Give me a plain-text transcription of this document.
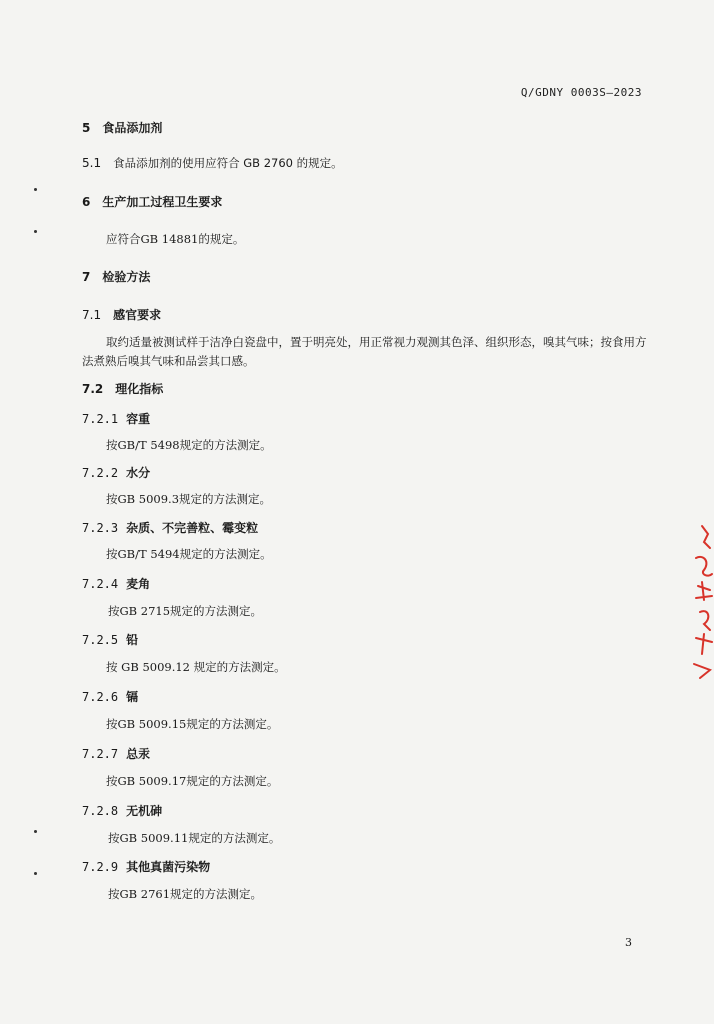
Q/GDNY 0003S—2023
5 食品添加剂
5.1 食品添加剂的使用应符合 GB 2760 的规定。
6 生产加工过程卫生要求
应符合GB 14881的规定。
7 检验方法
7.1 感官要求
取约适量被测试样于洁净白瓷盘中，置于明亮处，用正常视力观测其色泽、组织形态，嗅其气味；按食用方法煮熟后嗅其气味和品尝其口感。
7.2 理化指标
7.2.1 容重
按GB/T 5498规定的方法测定。
7.2.2 水分
按GB 5009.3规定的方法测定。
7.2.3 杂质、不完善粒、霉变粒
按GB/T 5494规定的方法测定。
7.2.4 麦角
按GB 2715规定的方法测定。
7.2.5 铅
按 GB 5009.12 规定的方法测定。
7.2.6 镉
按GB 5009.15规定的方法测定。
7.2.7 总汞
按GB 5009.17规定的方法测定。
7.2.8 无机砷
按GB 5009.11规定的方法测定。
7.2.9 其他真菌污染物
按GB 2761规定的方法测定。
3
